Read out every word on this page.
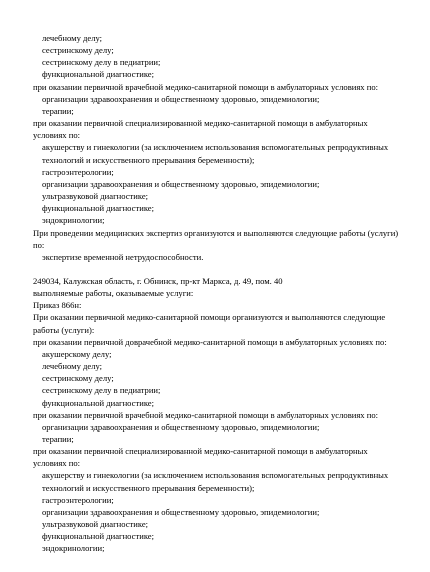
лечебному делу;
сестринскому делу;
сестринскому делу в педиатрии;
функциональной диагностике;
при оказании первичной врачебной медико-санитарной помощи в амбулаторных условиях по:
организации здравоохранения и общественному здоровью, эпидемиологии;
терапии;
при оказании первичной специализированной медико-санитарной помощи в амбулаторных условиях по:
акушерству и гинекологии (за исключением использования вспомогательных репродуктивных технологий и искусственного прерывания беременности);
гастроэнтерологии;
организации здравоохранения и общественному здоровью, эпидемиологии;
ультразвуковой диагностике;
функциональной диагностике;
эндокринологии;
При проведении медицинских экспертиз организуются и выполняются следующие работы (услуги) по:
экспертизе временной нетрудоспособности.
249034, Калужская область, г. Обнинск, пр-кт Маркса, д. 49, пом. 40
выполняемые работы, оказываемые услуги:
Приказ 866н:
При оказании первичной медико-санитарной помощи организуются и выполняются следующие работы (услуги):
при оказании первичной доврачебной медико-санитарной помощи в амбулаторных условиях по:
акушерскому делу;
лечебному делу;
сестринскому делу;
сестринскому делу в педиатрии;
функциональной диагностике;
при оказании первичной врачебной медико-санитарной помощи в амбулаторных условиях по:
организации здравоохранения и общественному здоровью, эпидемиологии;
терапии;
при оказании первичной специализированной медико-санитарной помощи в амбулаторных условиях по:
акушерству и гинекологии (за исключением использования вспомогательных репродуктивных технологий и искусственного прерывания беременности);
гастроэнтерологии;
организации здравоохранения и общественному здоровью, эпидемиологии;
ультразвуковой диагностике;
функциональной диагностике;
эндокринологии;
